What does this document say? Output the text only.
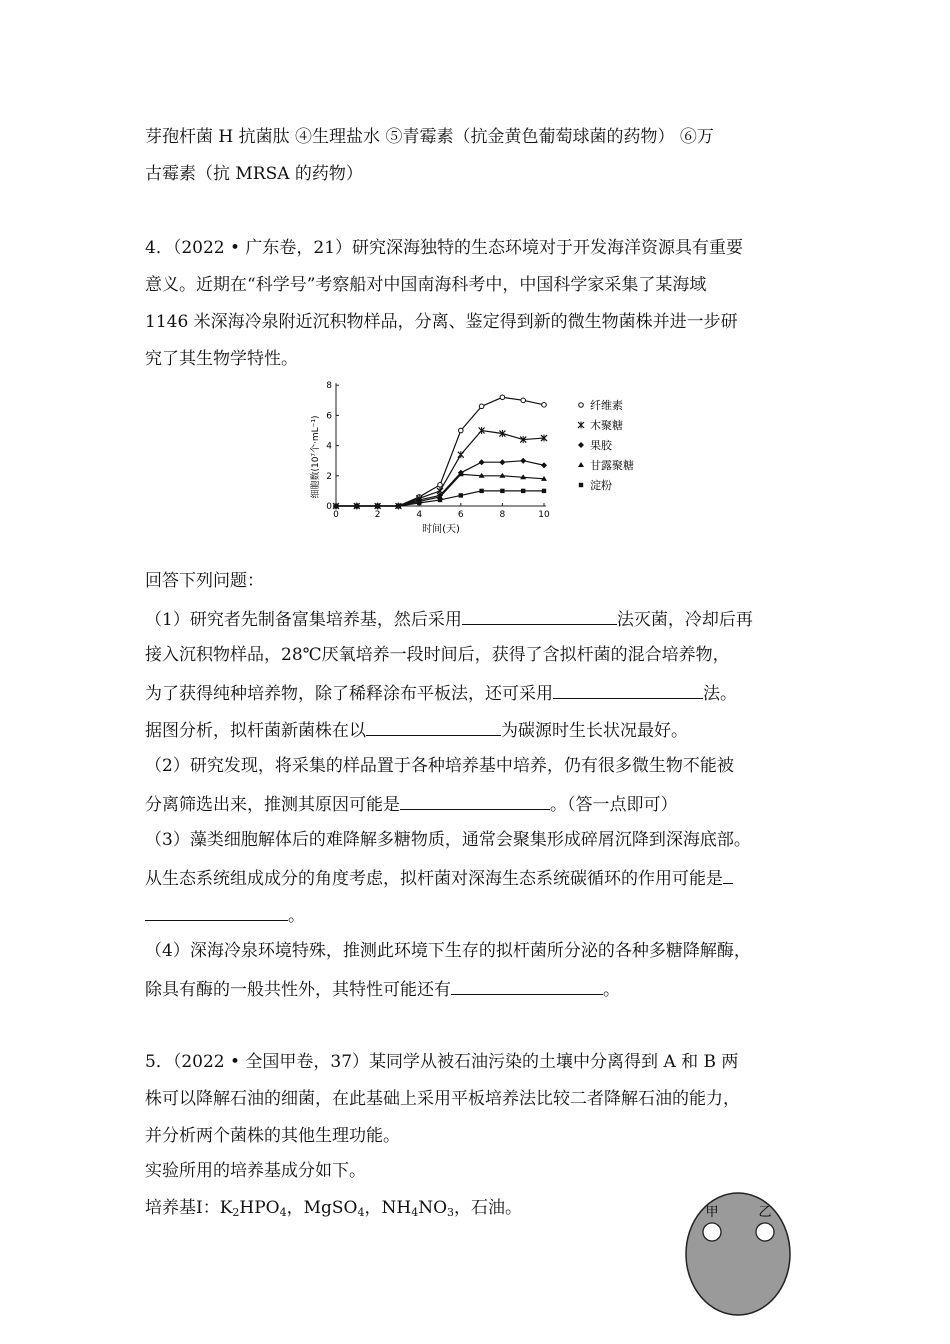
芽孢杆菌 H 抗菌肽 ④生理盐水 ⑤青霉素（抗金黄色葡萄球菌的药物） ⑥万
古霉素（抗 MRSA 的药物）
4．（2022 • 广东卷，21）研究深海独特的生态环境对于开发海洋资源具有重要
意义。近期在“科学号”考察船对中国南海科考中，中国科学家采集了某海域
1146 米深海冷泉附近沉积物样品，分离、鉴定得到新的微生物菌株并进一步研
究了其生物学特性。
0	2	4	6	8	10
0
2
4
6
8
纤维素
木聚糖
果胶
甘露聚糖
淀粉
细胞数(10⁷个·mL⁻¹)
时间(天)
回答下列问题：
（1）研究者先制备富集培养基，然后采用	法灭菌，冷却后再
接入沉积物样品，28℃厌氧培养一段时间后，获得了含拟杆菌的混合培养物，
为了获得纯种培养物，除了稀释涂布平板法，还可采用	法。
据图分析，拟杆菌新菌株在以	为碳源时生长状况最好。
（2）研究发现，将采集的样品置于各种培养基中培养，仍有很多微生物不能被
分离筛选出来，推测其原因可能是	。（答一点即可）
（3）藻类细胞解体后的难降解多糖物质，通常会聚集形成碎屑沉降到深海底部。
从生态系统组成成分的角度考虑，拟杆菌对深海生态系统碳循环的作用可能是
。
（4）深海冷泉环境特殊，推测此环境下生存的拟杆菌所分泌的各种多糖降解酶，
除具有酶的一般共性外，其特性可能还有	。
5．（2022 • 全国甲卷，37）某同学从被石油污染的土壤中分离得到 A 和 B 两
株可以降解石油的细菌，在此基础上采用平板培养法比较二者降解石油的能力，
并分析两个菌株的其他生理功能。
实验所用的培养基成分如下。
培养基Ⅰ：$K_2HPO_4$，MgSO$_4$，$NH_4NO_3$，石油。	甲	乙
